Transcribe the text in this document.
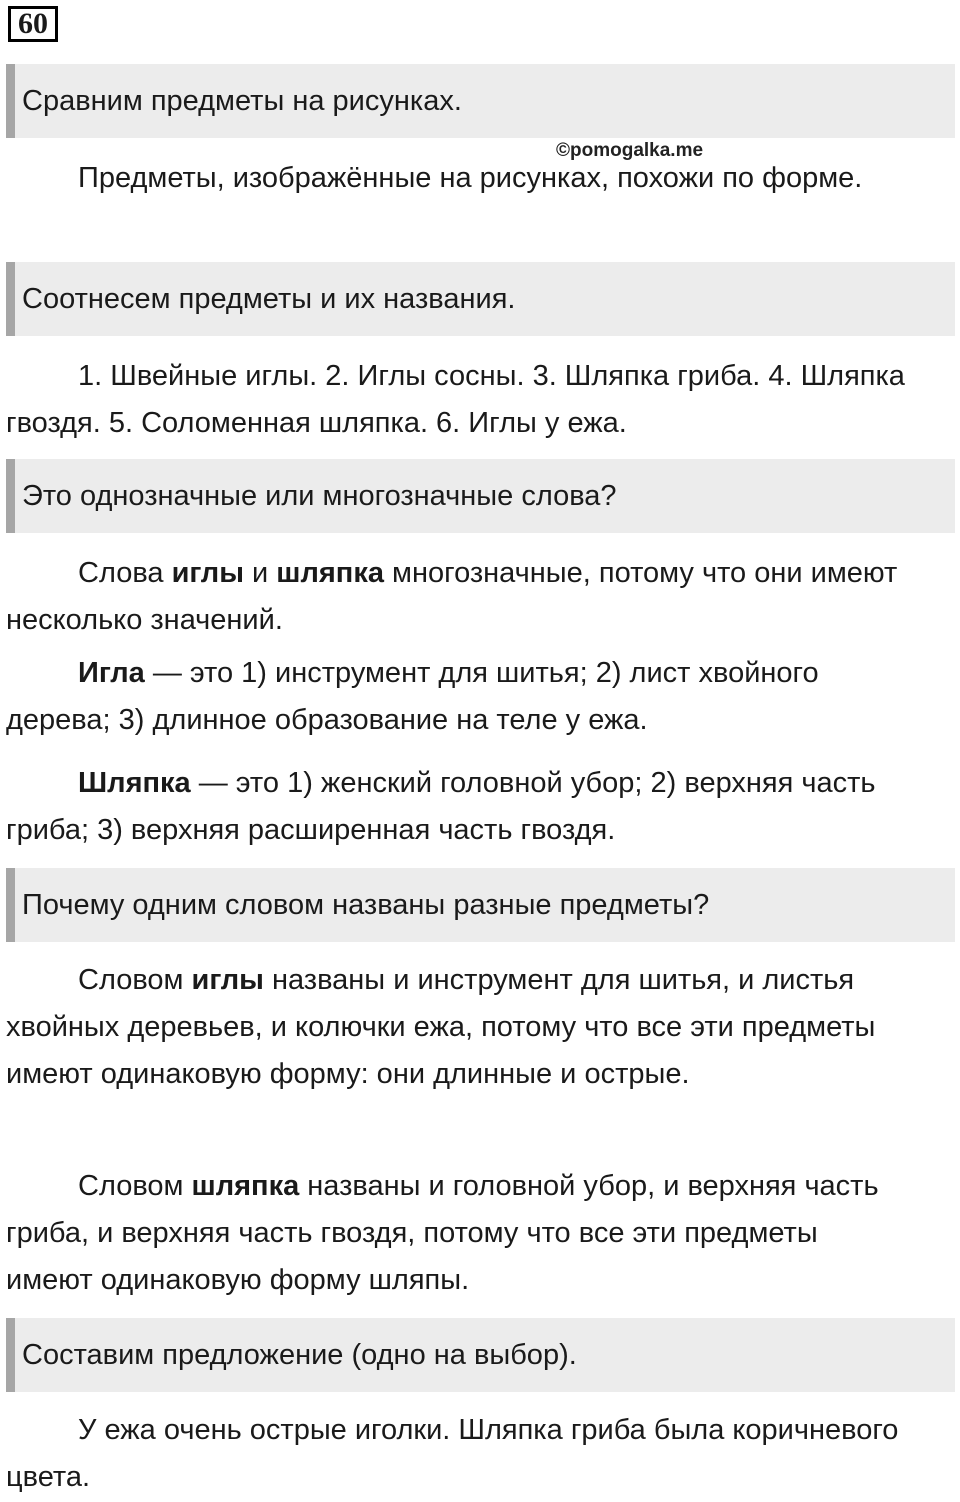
60
©pomogalka.me
Сравним предметы на рисунках.

Предметы, изображённые на рисунках, похожи по форме.

Соотнесем предметы и их названия.

1. Швейные иглы. 2. Иглы сосны. 3. Шляпка гриба. 4. Шляпка гвоздя. 5. Соломенная шляпка. 6. Иглы у ежа.

Это однозначные или многозначные слова?

Слова иглы и шляпка многозначные, потому что они имеют несколько значений.

Игла — это 1) инструмент для шитья; 2) лист хвойного дерева; 3) длинное образование на теле у ежа.

Шляпка — это 1) женский головной убор; 2) верхняя часть гриба; 3) верхняя расширенная часть гвоздя.

Почему одним словом названы разные предметы?

Словом иглы названы и инструмент для шитья, и листья хвойных деревьев, и колючки ежа, потому что все эти предметы имеют одинаковую форму: они длинные и острые.

Словом шляпка названы и головной убор, и верхняя часть гриба, и верхняя часть гвоздя, потому что все эти предметы имеют одинаковую форму шляпы.

Составим предложение (одно на выбор).

У ежа очень острые иголки. Шляпка гриба была коричневого цвета.
